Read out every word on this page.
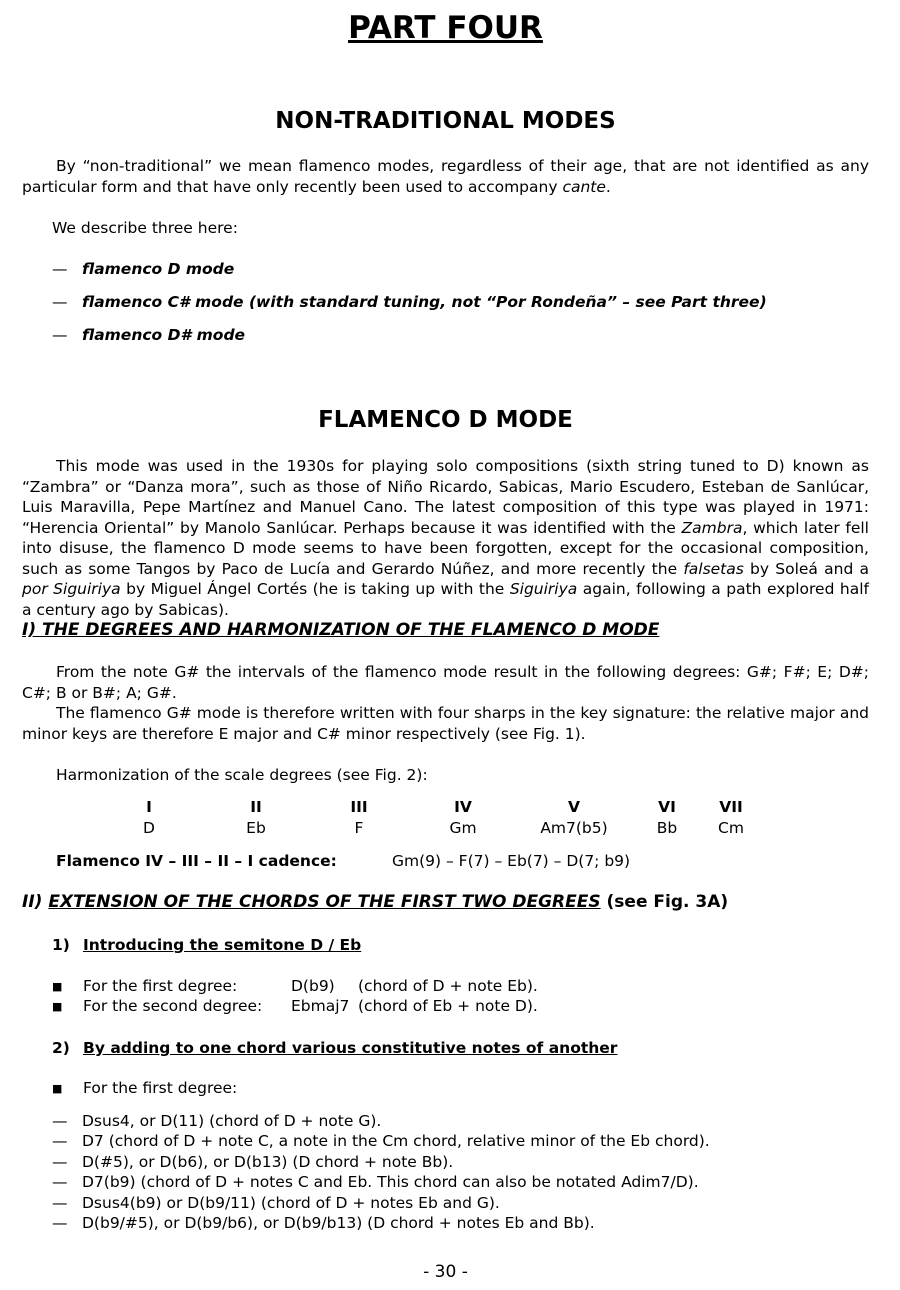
PART FOUR
NON-TRADITIONAL MODES

By “non-traditional” we mean flamenco modes, regardless of their age, that are not identified as any particular form and that have only recently been used to accompany cante.

We describe three here:
— flamenco D mode
— flamenco C# mode (with standard tuning, not “Por Rondeña” – see Part three)
— flamenco D# mode
FLAMENCO D MODE

This mode was used in the 1930s for playing solo compositions (sixth string tuned to D) known as “Zambra” or “Danza mora”, such as those of Niño Ricardo, Sabicas, Mario Escudero, Esteban de Sanlúcar, Luis Maravilla, Pepe Martínez and Manuel Cano. The latest composition of this type was played in 1971: “Herencia Oriental” by Manolo Sanlúcar. Perhaps because it was identified with the Zambra, which later fell into disuse, the flamenco D mode seems to have been forgotten, except for the occasional composition, such as some Tangos by Paco de Lucía and Gerardo Núñez, and more recently the falsetas by Soleá and a por Siguiriya by Miguel Ángel Cortés (he is taking up with the Siguiriya again, following a path explored half a century ago by Sabicas).

I) THE DEGREES AND HARMONIZATION OF THE FLAMENCO D MODE

From the note G# the intervals of the flamenco mode result in the following degrees: G#; F#; E; D#; C#; B or B#; A; G#.

The flamenco G# mode is therefore written with four sharps in the key signature: the relative major and minor keys are therefore E major and C# minor respectively (see Fig. 1).

Harmonization of the scale degrees (see Fig. 2):
I
D
II
Eb
III
F
IV
Gm
V
Am7(b5)
VI
Bb
VII
Cm
Flamenco IV – III – II – I cadence:	Gm(9) – F(7) – Eb(7) – D(7; b9)
II) EXTENSION OF THE CHORDS OF THE FIRST TWO DEGREES (see Fig. 3A)
1) Introducing the semitone D / Eb
■ For the first degree:	D(b9) (chord of D + note Eb).
■ For the second degree: Ebmaj7 (chord of Eb + note D).
2) By adding to one chord various constitutive notes of another
■ For the first degree:
— Dsus4, or D(11) (chord of D + note G).
— D7 (chord of D + note C, a note in the Cm chord, relative minor of the Eb chord).
— D(#5), or D(b6), or D(b13) (D chord + note Bb).
— D7(b9) (chord of D + notes C and Eb. This chord can also be notated Adim7/D).
— Dsus4(b9) or D(b9/11) (chord of D + notes Eb and G).
— D(b9/#5), or D(b9/b6), or D(b9/b13) (D chord + notes Eb and Bb).
- 30 -
